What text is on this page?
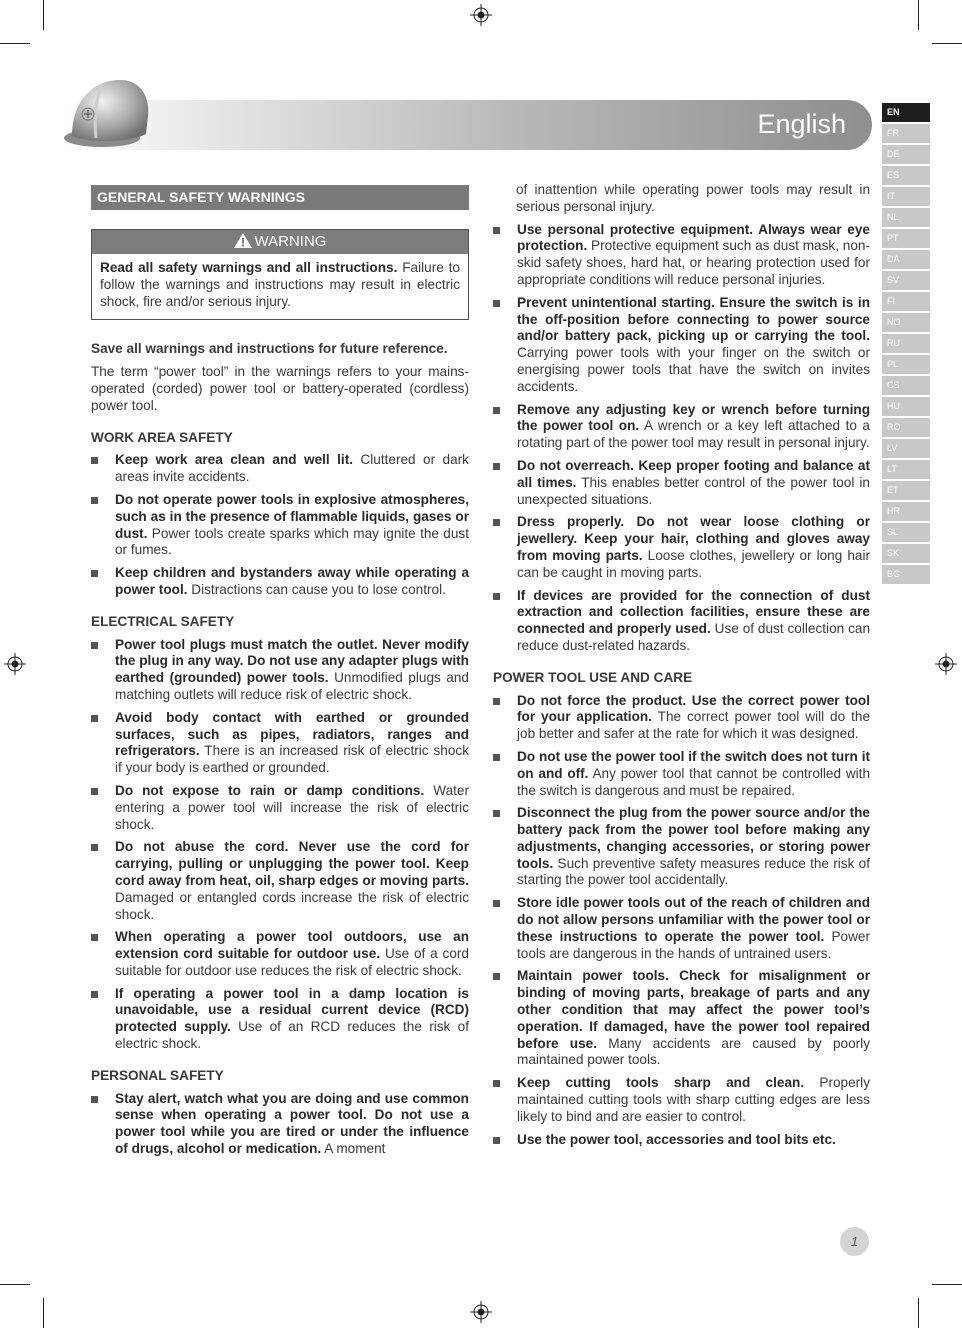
English	EN
FR
DE
ES
IT
NL
PT
DA
SV
FI
NO
RU
PL
CS
HU
RO
LV
LT
ET
HR
SL
SK
BG
GENERAL SAFETY WARNINGS
WARNING
Read all safety warnings and all instructions. Failure to follow the warnings and instructions may result in electric shock, fire and/or serious injury.

Save all warnings and instructions for future reference.

The term “power tool” in the warnings refers to your mains-operated (corded) power tool or battery-operated (cordless) power tool.

WORK AREA SAFETY
Keep work area clean and well lit. Cluttered or dark areas invite accidents.
Do not operate power tools in explosive atmospheres, such as in the presence of flammable liquids, gases or dust. Power tools create sparks which may ignite the dust or fumes.
Keep children and bystanders away while operating a power tool. Distractions can cause you to lose control.
ELECTRICAL SAFETY
Power tool plugs must match the outlet. Never modify the plug in any way. Do not use any adapter plugs with earthed (grounded) power tools. Unmodified plugs and matching outlets will reduce risk of electric shock.
Avoid body contact with earthed or grounded surfaces, such as pipes, radiators, ranges and refrigerators. There is an increased risk of electric shock if your body is earthed or grounded.
Do not expose to rain or damp conditions. Water entering a power tool will increase the risk of electric shock.
Do not abuse the cord. Never use the cord for carrying, pulling or unplugging the power tool. Keep cord away from heat, oil, sharp edges or moving parts. Damaged or entangled cords increase the risk of electric shock.
When operating a power tool outdoors, use an extension cord suitable for outdoor use. Use of a cord suitable for outdoor use reduces the risk of electric shock.
If operating a power tool in a damp location is unavoidable, use a residual current device (RCD) protected supply. Use of an RCD reduces the risk of electric shock.
PERSONAL SAFETY
Stay alert, watch what you are doing and use common sense when operating a power tool. Do not use a power tool while you are tired or under the influence of drugs, alcohol or medication. A moment

of inattention while operating power tools may result in serious personal injury.

Use personal protective equipment. Always wear eye protection. Protective equipment such as dust mask, non-skid safety shoes, hard hat, or hearing protection used for appropriate conditions will reduce personal injuries.
Prevent unintentional starting. Ensure the switch is in the off-position before connecting to power source and/or battery pack, picking up or carrying the tool. Carrying power tools with your finger on the switch or energising power tools that have the switch on invites accidents.
Remove any adjusting key or wrench before turning the power tool on. A wrench or a key left attached to a rotating part of the power tool may result in personal injury.
Do not overreach. Keep proper footing and balance at all times. This enables better control of the power tool in unexpected situations.
Dress properly. Do not wear loose clothing or jewellery. Keep your hair, clothing and gloves away from moving parts. Loose clothes, jewellery or long hair can be caught in moving parts.
If devices are provided for the connection of dust extraction and collection facilities, ensure these are connected and properly used. Use of dust collection can reduce dust-related hazards.
POWER TOOL USE AND CARE
Do not force the product. Use the correct power tool for your application. The correct power tool will do the job better and safer at the rate for which it was designed.
Do not use the power tool if the switch does not turn it on and off. Any power tool that cannot be controlled with the switch is dangerous and must be repaired.
Disconnect the plug from the power source and/or the battery pack from the power tool before making any adjustments, changing accessories, or storing power tools. Such preventive safety measures reduce the risk of starting the power tool accidentally.
Store idle power tools out of the reach of children and do not allow persons unfamiliar with the power tool or these instructions to operate the power tool. Power tools are dangerous in the hands of untrained users.
Maintain power tools. Check for misalignment or binding of moving parts, breakage of parts and any other condition that may affect the power tool’s operation. If damaged, have the power tool repaired before use. Many accidents are caused by poorly maintained power tools.
Keep cutting tools sharp and clean. Properly maintained cutting tools with sharp cutting edges are less likely to bind and are easier to control.
Use the power tool, accessories and tool bits etc.
1
